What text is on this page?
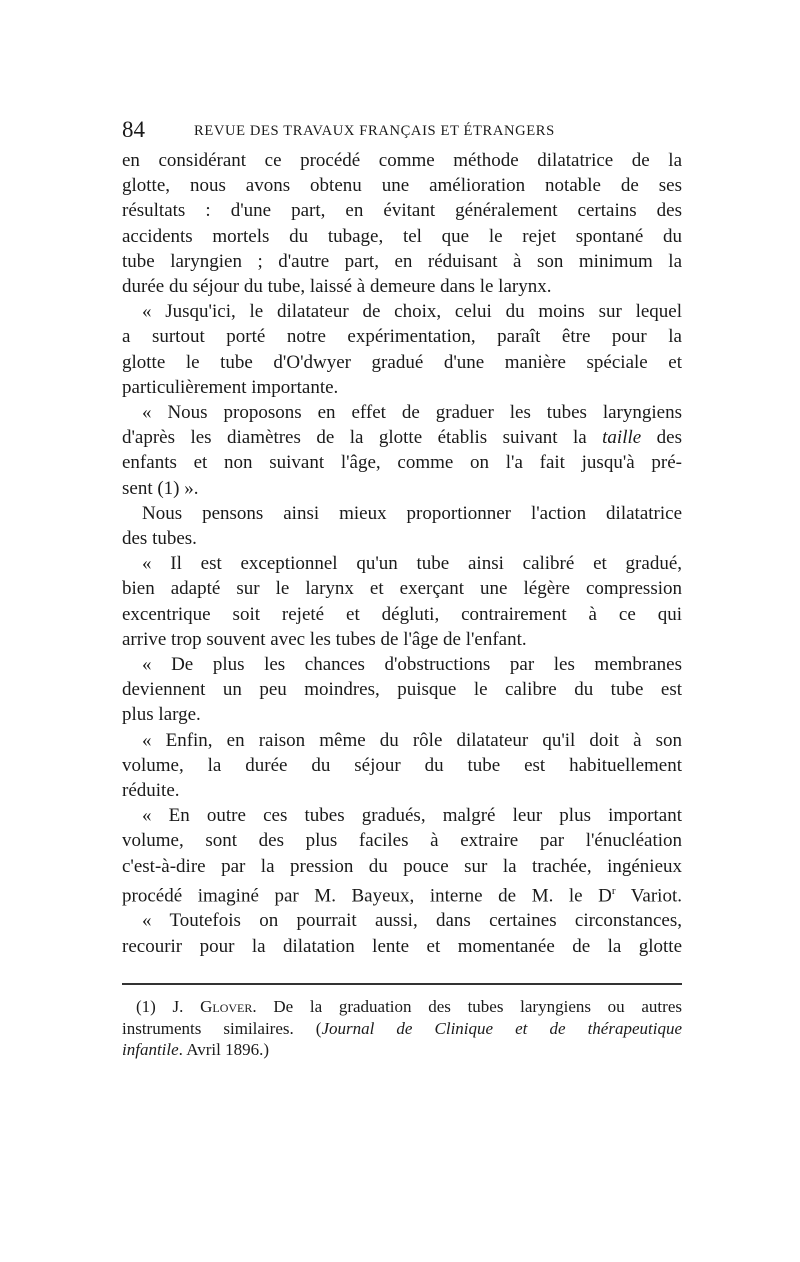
84	REVUE DES TRAVAUX FRANÇAIS ET ÉTRANGERS
en considérant ce procédé comme méthode dilatatrice de la
glotte, nous avons obtenu une amélioration notable de ses
résultats : d'une part, en évitant généralement certains des
accidents mortels du tubage, tel que le rejet spontané du
tube laryngien ; d'autre part, en réduisant à son minimum la
durée du séjour du tube, laissé à demeure dans le larynx.
« Jusqu'ici, le dilatateur de choix, celui du moins sur lequel
a surtout porté notre expérimentation, paraît être pour la
glotte le tube d'O'dwyer gradué d'une manière spéciale et
particulièrement importante.
« Nous proposons en effet de graduer les tubes laryngiens
d'après les diamètres de la glotte établis suivant la taille des
enfants et non suivant l'âge, comme on l'a fait jusqu'à pré-
sent (1) ».
Nous pensons ainsi mieux proportionner l'action dilatatrice
des tubes.
« Il est exceptionnel qu'un tube ainsi calibré et gradué,
bien adapté sur le larynx et exerçant une légère compression
excentrique soit rejeté et dégluti, contrairement à ce qui
arrive trop souvent avec les tubes de l'âge de l'enfant.
« De plus les chances d'obstructions par les membranes
deviennent un peu moindres, puisque le calibre du tube est
plus large.
« Enfin, en raison même du rôle dilatateur qu'il doit à son
volume, la durée du séjour du tube est habituellement
réduite.
« En outre ces tubes gradués, malgré leur plus important
volume, sont des plus faciles à extraire par l'énucléation
c'est-à-dire par la pression du pouce sur la trachée, ingénieux
procédé imaginé par M. Bayeux, interne de M. le $D^r$ Variot.
« Toutefois on pourrait aussi, dans certaines circonstances,
recourir pour la dilatation lente et momentanée de la glotte
(1) J. Glover. De la graduation des tubes laryngiens ou autres
instruments similaires. (Journal de Clinique et de thérapeutique
infantile. Avril 1896.)
